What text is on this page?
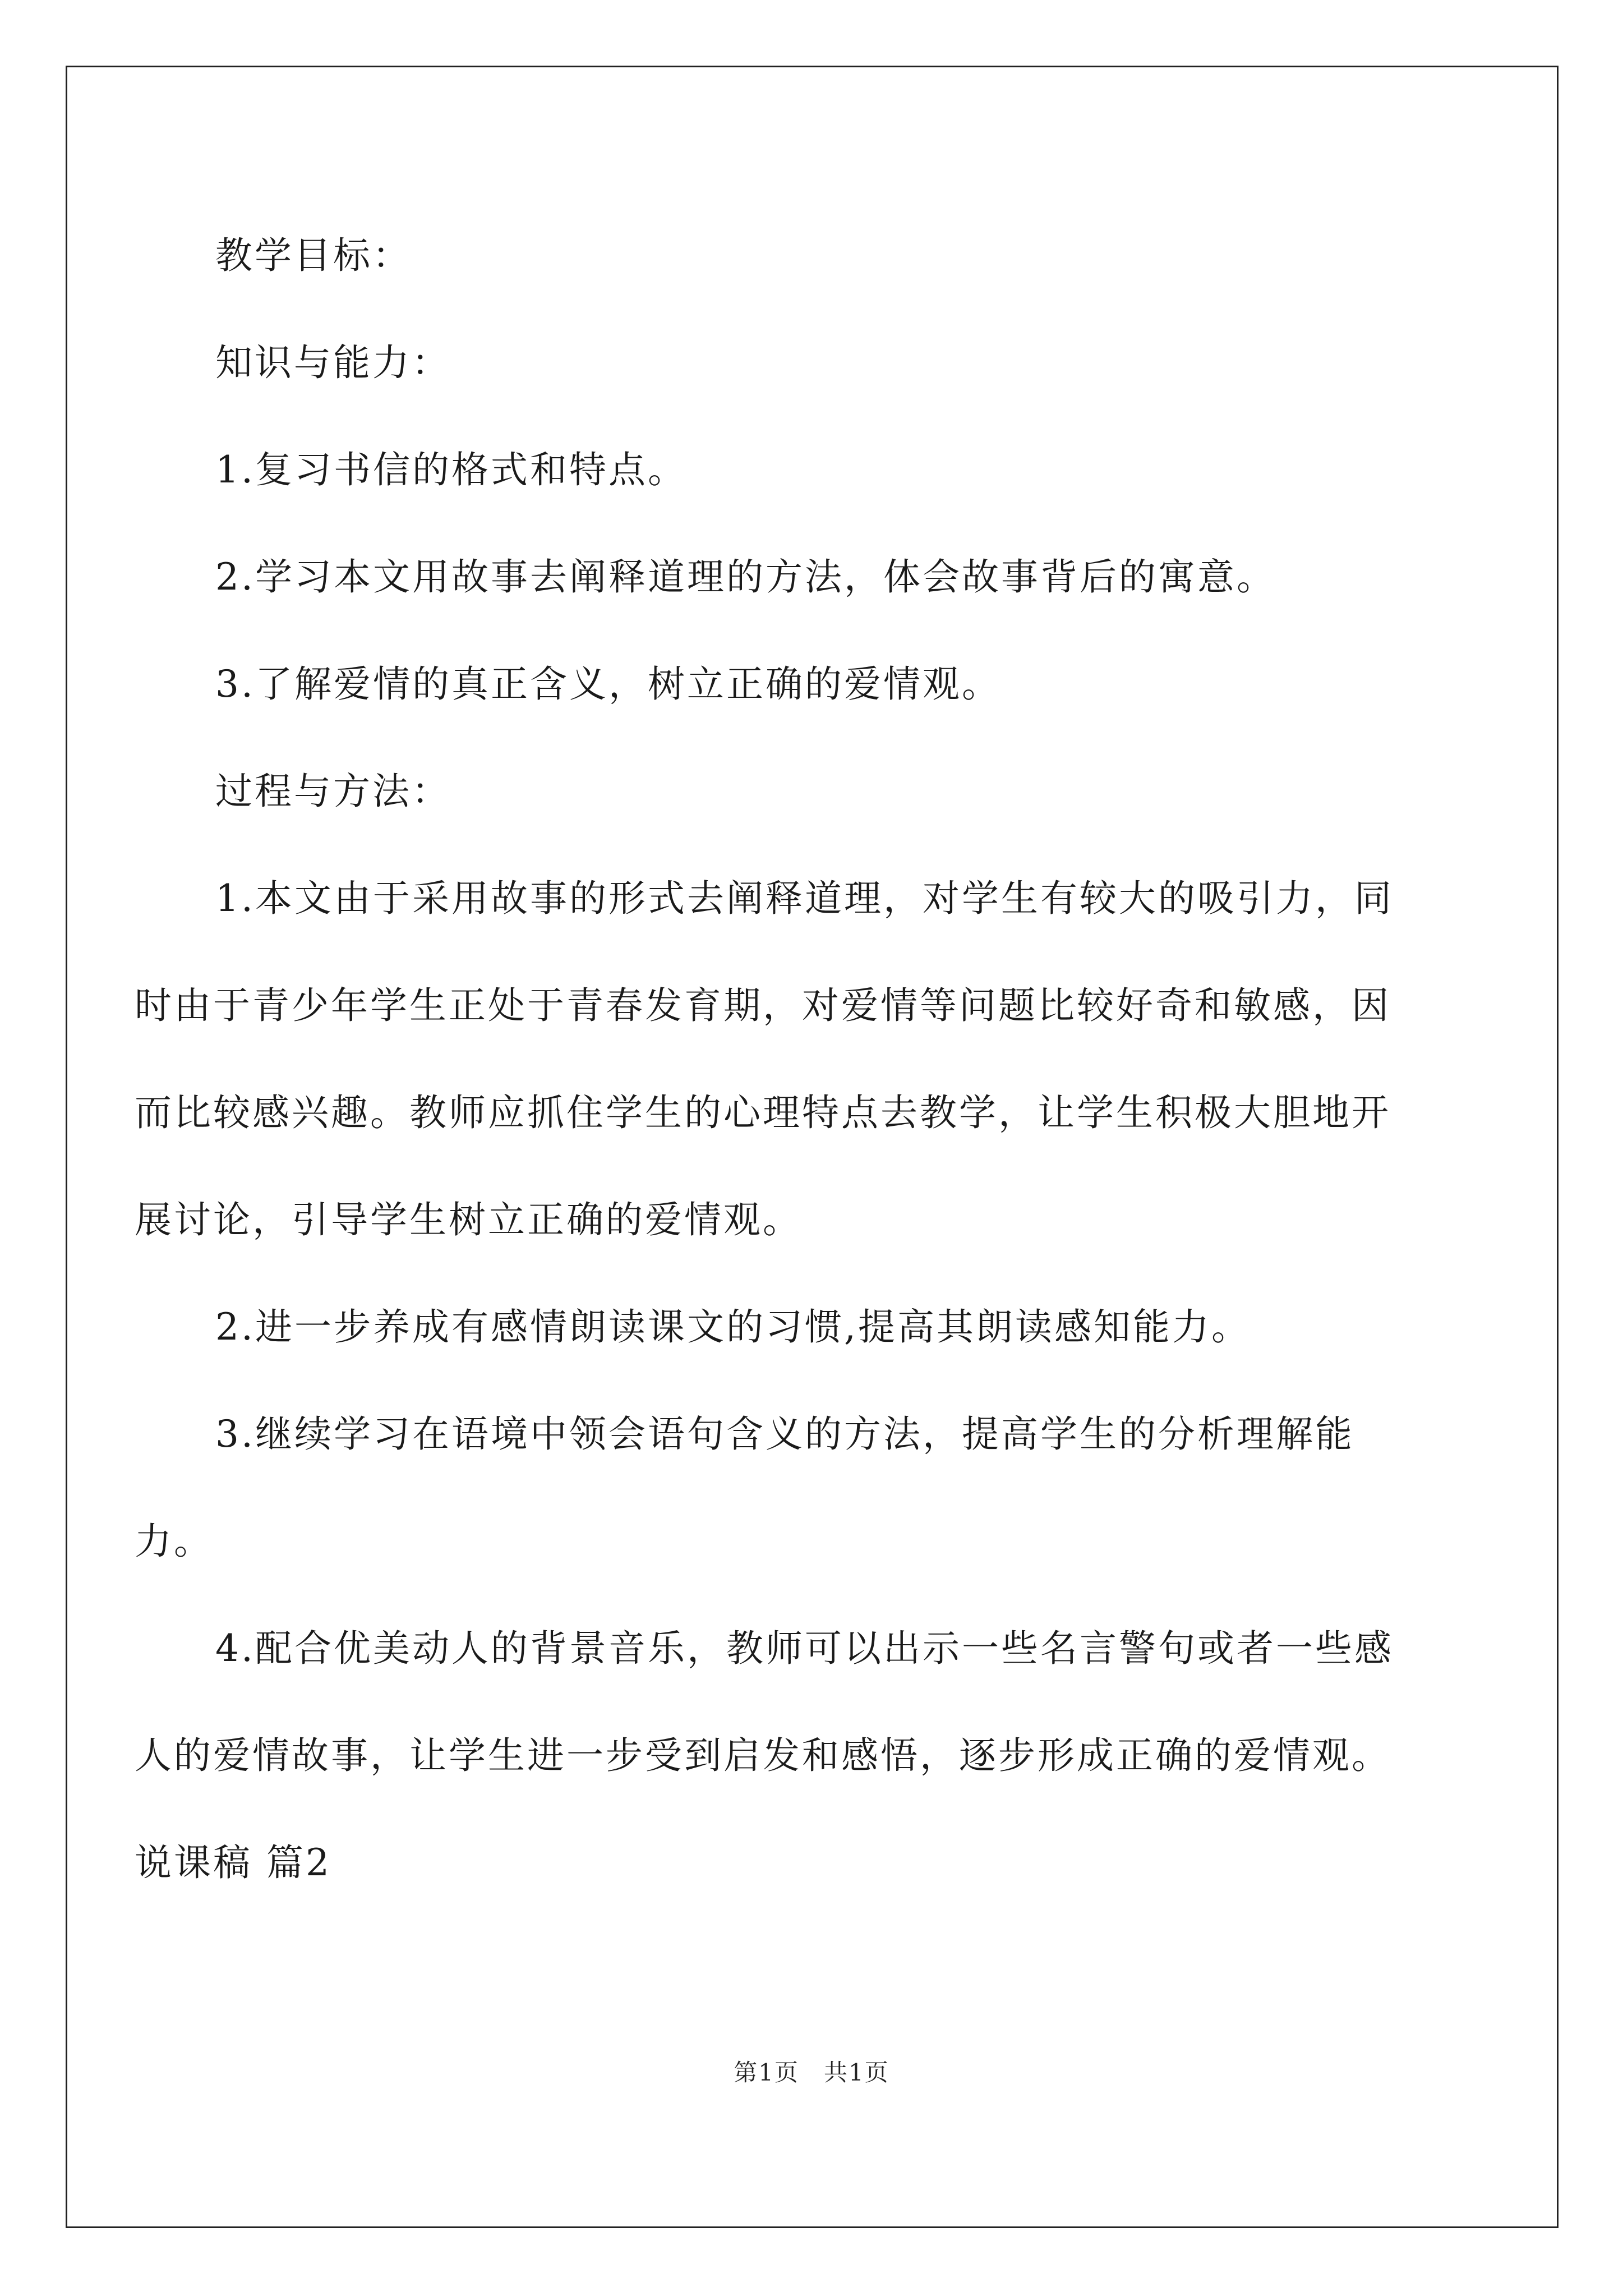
教学目标：

知识与能力：

1.复习书信的格式和特点。

2.学习本文用故事去阐释道理的方法，体会故事背后的寓意。

3.了解爱情的真正含义，树立正确的爱情观。

过程与方法：

1.本文由于采用故事的形式去阐释道理，对学生有较大的吸引力，同时由于青少年学生正处于青春发育期，对爱情等问题比较好奇和敏感，因而比较感兴趣。教师应抓住学生的心理特点去教学，让学生积极大胆地开展讨论，引导学生树立正确的爱情观。

2.进一步养成有感情朗读课文的习惯,提高其朗读感知能力。

3.继续学习在语境中领会语句含义的方法，提高学生的分析理解能力。

4.配合优美动人的背景音乐，教师可以出示一些名言警句或者一些感人的爱情故事，让学生进一步受到启发和感悟，逐步形成正确的爱情观。

说课稿 篇2

第1页　共1页
